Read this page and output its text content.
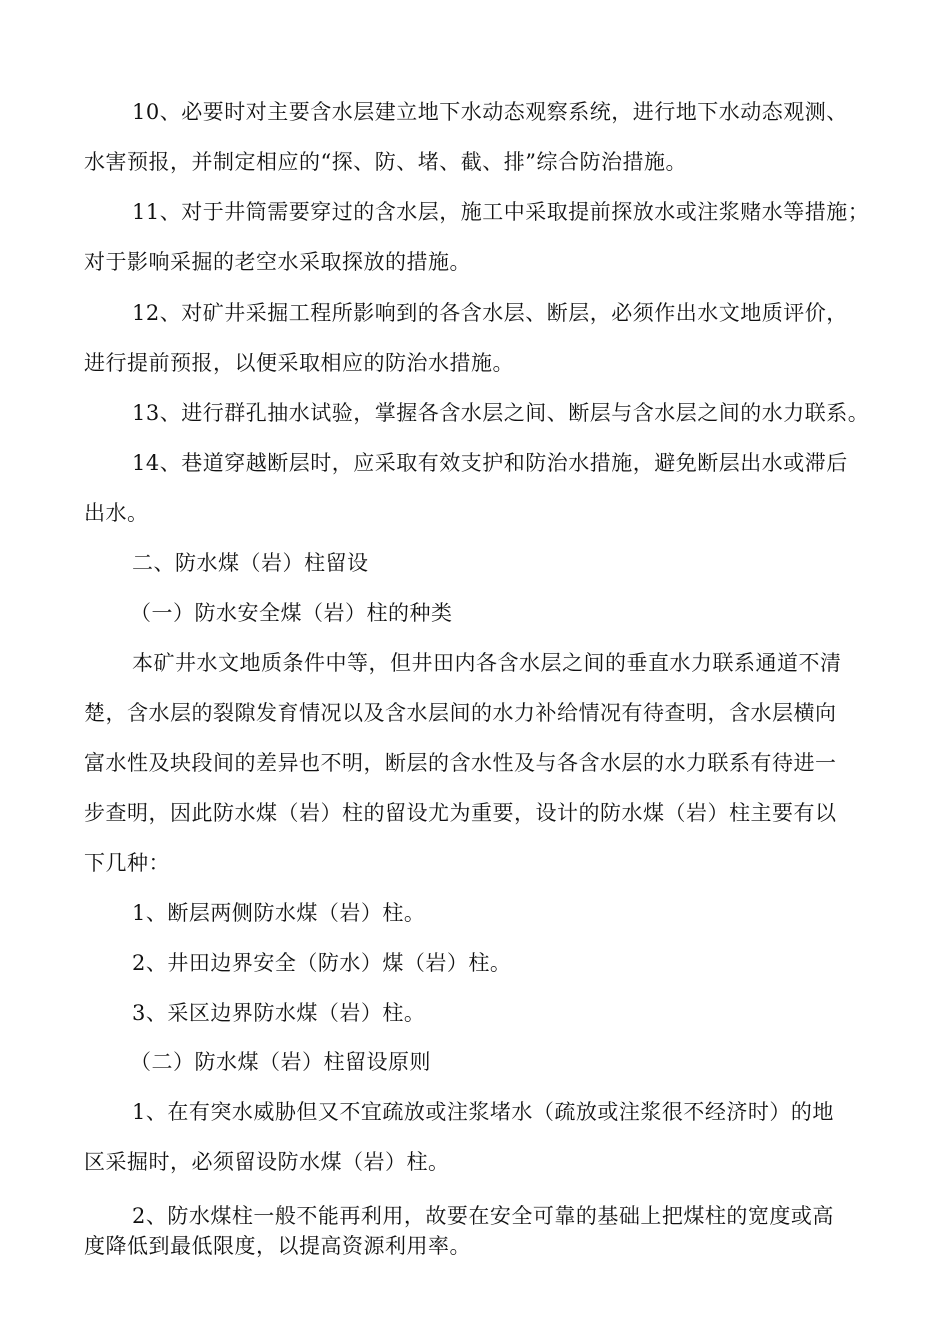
10、必要时对主要含水层建立地下水动态观察系统，进行地下水动态观测、
水害预报，并制定相应的“探、防、堵、截、排”综合防治措施。
11、对于井筒需要穿过的含水层，施工中采取提前探放水或注浆赌水等措施；
对于影响采掘的老空水采取探放的措施。
12、对矿井采掘工程所影响到的各含水层、断层，必须作出水文地质评价，
进行提前预报，以便采取相应的防治水措施。
13、进行群孔抽水试验，掌握各含水层之间、断层与含水层之间的水力联系。
14、巷道穿越断层时，应采取有效支护和防治水措施，避免断层出水或滞后
出水。
二、防水煤（岩）柱留设
（一）防水安全煤（岩）柱的种类
本矿井水文地质条件中等，但井田内各含水层之间的垂直水力联系通道不清
楚，含水层的裂隙发育情况以及含水层间的水力补给情况有待查明，含水层横向
富水性及块段间的差异也不明，断层的含水性及与各含水层的水力联系有待进一
步查明，因此防水煤（岩）柱的留设尤为重要，设计的防水煤（岩）柱主要有以
下几种：
1、断层两侧防水煤（岩）柱。
2、井田边界安全（防水）煤（岩）柱。
3、采区边界防水煤（岩）柱。
（二）防水煤（岩）柱留设原则
1、在有突水威胁但又不宜疏放或注浆堵水（疏放或注浆很不经济时）的地
区采掘时，必须留设防水煤（岩）柱。
2、防水煤柱一般不能再利用，故要在安全可靠的基础上把煤柱的宽度或高
度降低到最低限度，以提高资源利用率。
